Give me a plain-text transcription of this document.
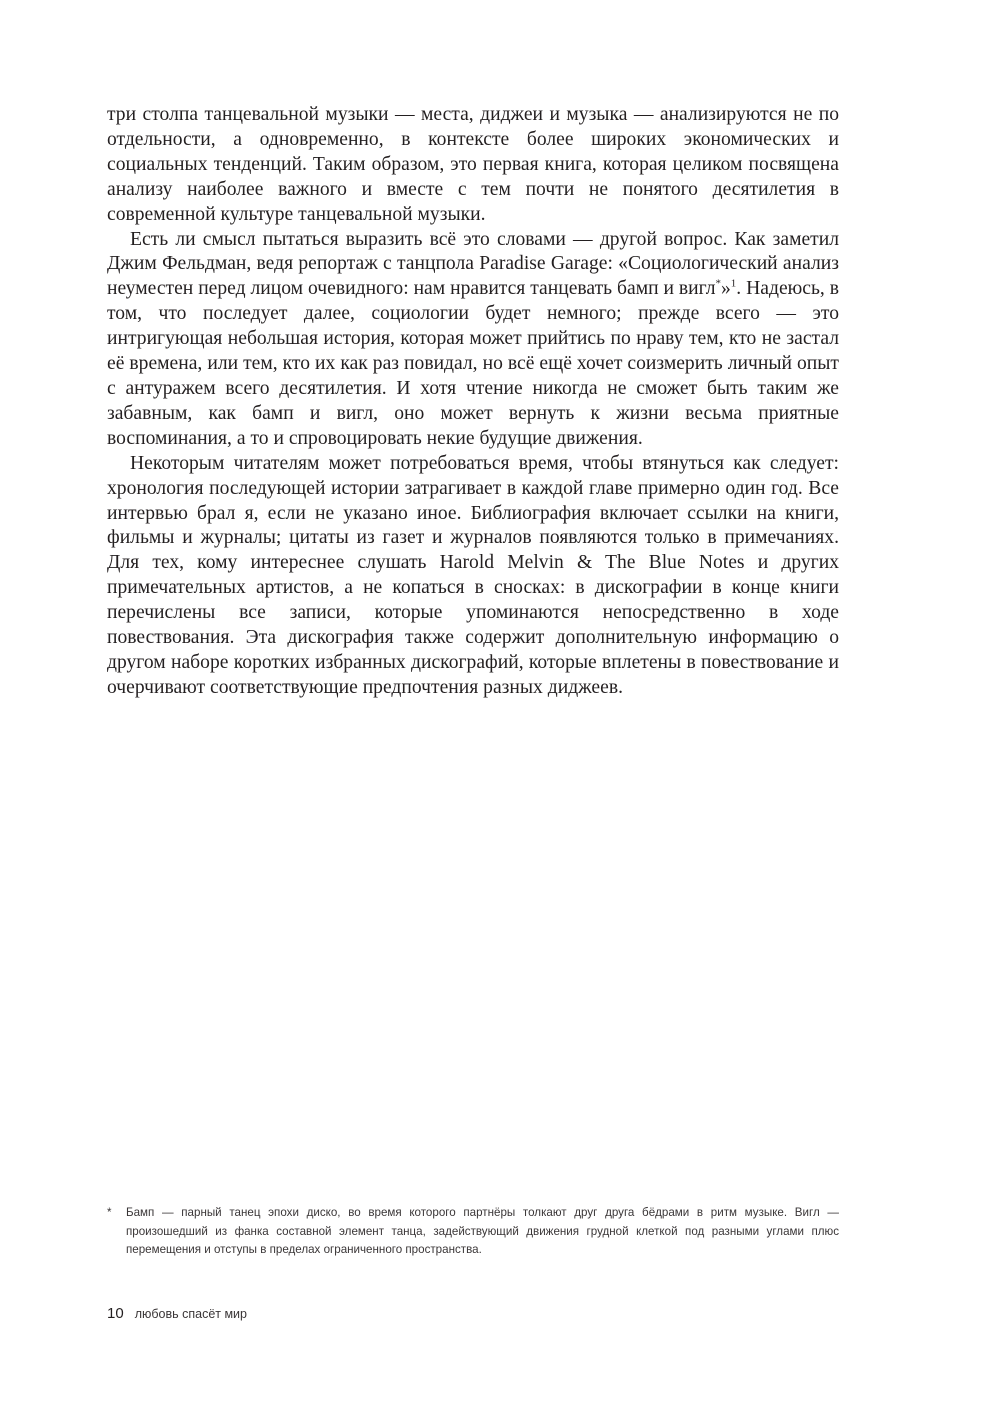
три столпа танцевальной музыки — места, диджеи и музыка — анализируются не по отдельности, а одновременно, в контексте более широких экономических и социальных тенденций. Таким образом, это первая книга, которая целиком посвящена анализу наиболее важного и вместе с тем почти не понятого десятилетия в современной культуре танцевальной музыки.

Есть ли смысл пытаться выразить всё это словами — другой вопрос. Как заметил Джим Фельдман, ведя репортаж с танцпола Paradise Garage: «Социологический анализ неуместен перед лицом очевидного: нам нравится танцевать бамп и вигл*»$^1$. Надеюсь, в том, что последует далее, социологии будет немного; прежде всего — это интригующая небольшая история, которая может прийтись по нраву тем, кто не застал её времена, или тем, кто их как раз повидал, но всё ещё хочет соизмерить личный опыт с антуражем всего десятилетия. И хотя чтение никогда не сможет быть таким же забавным, как бамп и вигл, оно может вернуть к жизни весьма приятные воспоминания, а то и спровоцировать некие будущие движения.

Некоторым читателям может потребоваться время, чтобы втянуться как следует: хронология последующей истории затрагивает в каждой главе примерно один год. Все интервью брал я, если не указано иное. Библиография включает ссылки на книги, фильмы и журналы; цитаты из газет и журналов появляются только в примечаниях. Для тех, кому интереснее слушать Harold Melvin & The Blue Notes и других примечательных артистов, а не копаться в сносках: в дискографии в конце книги перечислены все записи, которые упоминаются непосредственно в ходе повествования. Эта дискография также содержит дополнительную информацию о другом наборе коротких избранных дискографий, которые вплетены в повествование и очерчивают соответствующие предпочтения разных диджеев.

*	Бамп — парный танец эпохи диско, во время которого партнёры толкают друг друга бёдрами в ритм музыке. Вигл — произошедший из фанка составной элемент танца, задействующий движения грудной клеткой под разными углами плюс перемещения и отступы в пределах ограниченного пространства.
10 любовь спасёт мир
